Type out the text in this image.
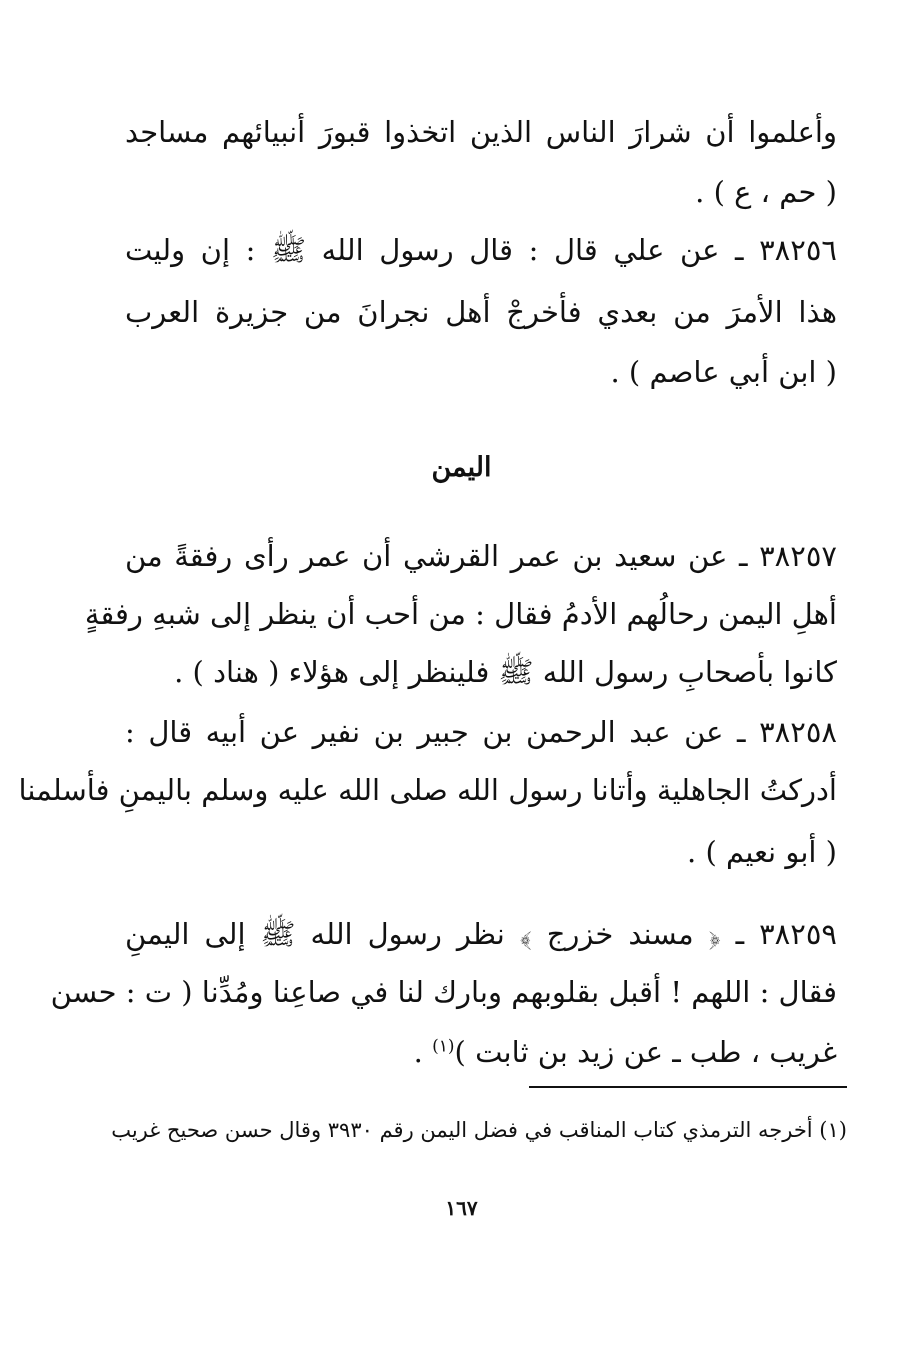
وأعلموا أن شرارَ الناس الذين اتخذوا قبورَ أنبيائهم مساجد
( حم ، ع ) .
٣٨٢٥٦ ـ عن علي قال : قال رسول الله ﷺ : إن وليت
هذا الأمرَ من بعدي فأخرجْ أهل نجرانَ من جزيرة العرب
( ابن أبي عاصم ) .
اليمن
٣٨٢٥٧ ـ عن سعيد بن عمر القرشي أن عمر رأى رفقةً من
أهلِ اليمن رحالُهم الأدمُ فقال : من أحب أن ينظر إلى شبهِ رفقةٍ
كانوا بأصحابِ رسول الله ﷺ فلينظر إلى هؤلاء ( هناد ) .
٣٨٢٥٨ ـ عن عبد الرحمن بن جبير بن نفير عن أبيه قال :
أدركتُ الجاهلية وأتانا رسول الله صلى الله عليه وسلم باليمنِ فأسلمنا
( أبو نعيم ) .
٣٨٢٥٩ ـ ﴿ مسند خزرج ﴾ نظر رسول الله ﷺ إلى اليمنِ
فقال : اللهم ! أقبل بقلوبهم وبارك لنا في صاعِنا ومُدِّنا ( ت : حسن
غريب ، طب ـ عن زيد بن ثابت )$^{(١)}$ .
(١) أخرجه الترمذي كتاب المناقب في فضل اليمن رقم ٣٩٣٠ وقال حسن صحيح غريب
١٦٧
